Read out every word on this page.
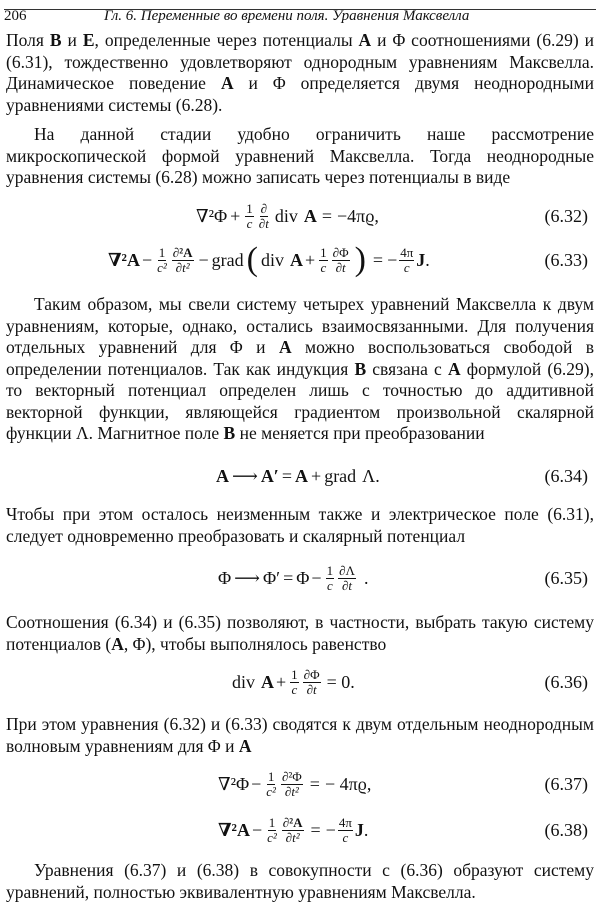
206	Гл. 6. Переменные во времени поля. Уравнения Максвелла

Поля B и E, определенные через потенциалы A и Φ соотношениями (6.29) и (6.31), тождественно удовлетворяют однородным уравнениям Максвелла. Динамическое поведение A и Φ определяется двумя неоднородными уравнениями системы (6.28).

На данной стадии удобно ограничить наше рассмотрение микроскопической формой уравнений Максвелла. Тогда неоднородные уравнения системы (6.28) можно записать через потенциалы в виде

$\nabla^2\Phi + \frac{1}{c} \frac{\partial}{\partial t}$ div A = −4πϱ,	(6.32)
$\nabla^2A - \frac{1}{\text{c²}} \frac{\text{∂²A}}{\text{∂t²}}$ − grad ( div $A + \frac{1}{c} \frac{\partial\Phi}{\partial t}$ ) = − $\frac{4\pi}{c}$ J .	(6.33)

Таким образом, мы свели систему четырех уравнений Максвелла к двум уравнениям, которые, однако, остались взаимосвязанными. Для получения отдельных уравнений для Φ и A можно воспользоваться свободой в определении потенциалов. Так как индукция B связана с A формулой (6.29), то векторный потенциал определен лишь с точностью до аддитивной векторной функции, являющейся градиентом произвольной скалярной функции Λ. Магнитное поле B не меняется при преобразовании

A ⟶ A′ = A + grad Λ.	(6.34)

Чтобы при этом осталось неизменным также и электрическое поле (6.31), следует одновременно преобразовать и скалярный потенциал

Φ ⟶ $\Phi' = \Phi - \frac{1}{c} \frac{\partial\Lambda}{\partial t}$ .	(6.35)

Соотношения (6.34) и (6.35) позволяют, в частности, выбрать такую систему потенциалов (A, Φ), чтобы выполнялось равенство

div $A + \frac{1}{c} \frac{\partial\Phi}{\partial t} = 0$.	(6.36)

При этом уравнения (6.32) и (6.33) сводятся к двум отдельным неоднородным волновым уравнениям для Φ и A

$\nabla^2\Phi - \frac{1}{\text{c²}} \frac{\text{∂²Φ}}{\text{∂t²}}$ = − 4πϱ,	(6.37)
$\nabla^2A - \frac{1}{\text{c²}} \frac{\text{∂²A}}{\text{∂t²}}$ = − $\frac{4\pi}{c}$ J .	(6.38)

Уравнения (6.37) и (6.38) в совокупности с (6.36) образуют систему уравнений, полностью эквивалентную уравнениям Максвелла.
